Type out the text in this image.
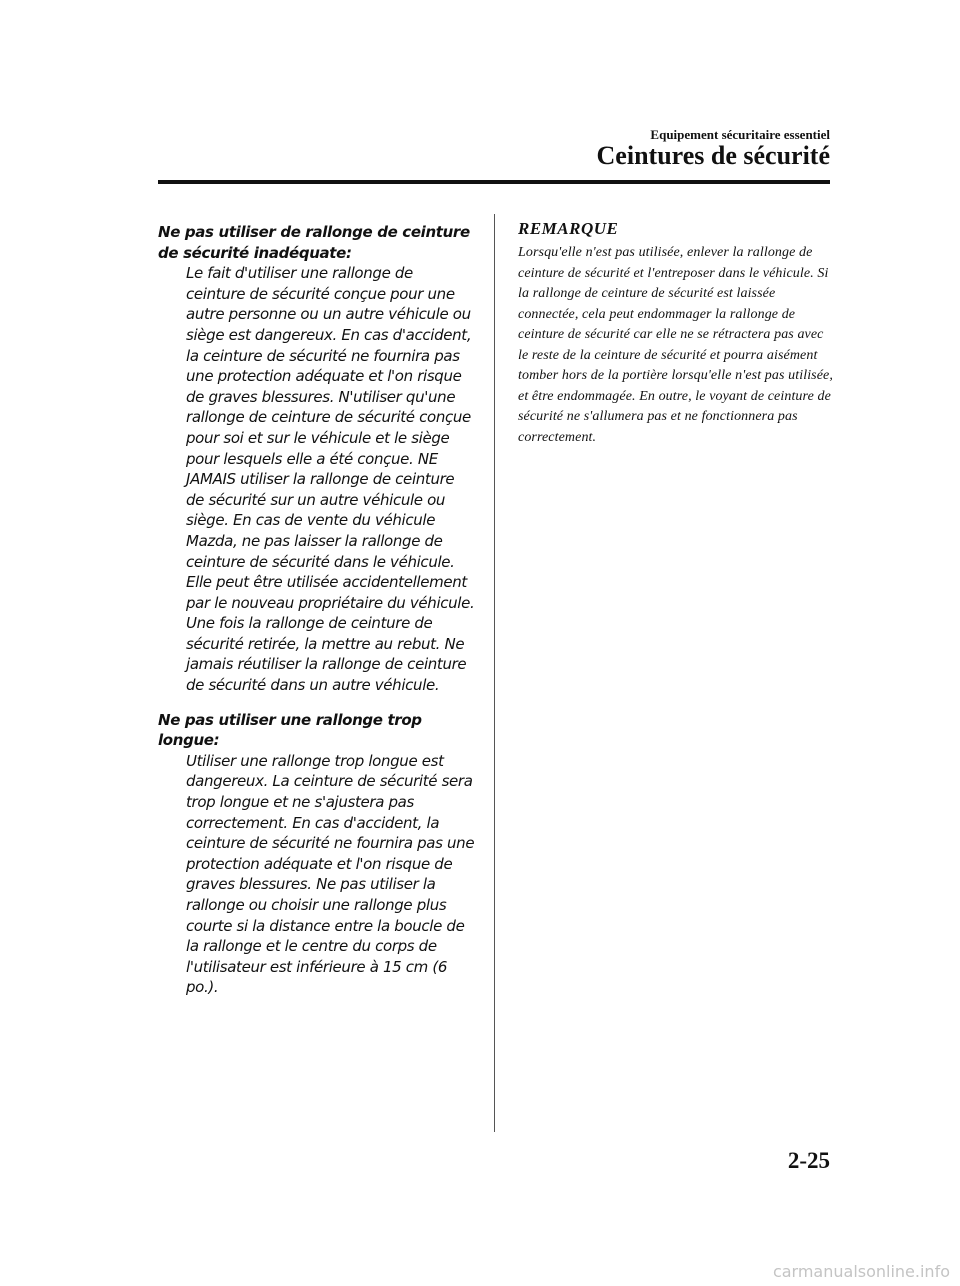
Equipement sécuritaire essentiel
Ceintures de sécurité
Ne pas utiliser de rallonge de ceinture de sécurité inadéquate:
Le fait d'utiliser une rallonge de ceinture de sécurité conçue pour une autre personne ou un autre véhicule ou siège est dangereux. En cas d'accident, la ceinture de sécurité ne fournira pas une protection adéquate et l'on risque de graves blessures. N'utiliser qu'une rallonge de ceinture de sécurité conçue pour soi et sur le véhicule et le siège pour lesquels elle a été conçue. NE JAMAIS utiliser la rallonge de ceinture de sécurité sur un autre véhicule ou siège. En cas de vente du véhicule Mazda, ne pas laisser la rallonge de ceinture de sécurité dans le véhicule. Elle peut être utilisée accidentellement par le nouveau propriétaire du véhicule. Une fois la rallonge de ceinture de sécurité retirée, la mettre au rebut. Ne jamais réutiliser la rallonge de ceinture de sécurité dans un autre véhicule.
Ne pas utiliser une rallonge trop longue:
Utiliser une rallonge trop longue est dangereux. La ceinture de sécurité sera trop longue et ne s'ajustera pas correctement. En cas d'accident, la ceinture de sécurité ne fournira pas une protection adéquate et l'on risque de graves blessures. Ne pas utiliser la rallonge ou choisir une rallonge plus courte si la distance entre la boucle de la rallonge et le centre du corps de l'utilisateur est inférieure à 15 cm (6 po.).
REMARQUE
Lorsqu'elle n'est pas utilisée, enlever la rallonge de ceinture de sécurité et l'entreposer dans le véhicule. Si la rallonge de ceinture de sécurité est laissée connectée, cela peut endommager la rallonge de ceinture de sécurité car elle ne se rétractera pas avec le reste de la ceinture de sécurité et pourra aisément tomber hors de la portière lorsqu'elle n'est pas utilisée, et être endommagée. En outre, le voyant de ceinture de sécurité ne s'allumera pas et ne fonctionnera pas correctement.
2-25
carmanualsonline.info
